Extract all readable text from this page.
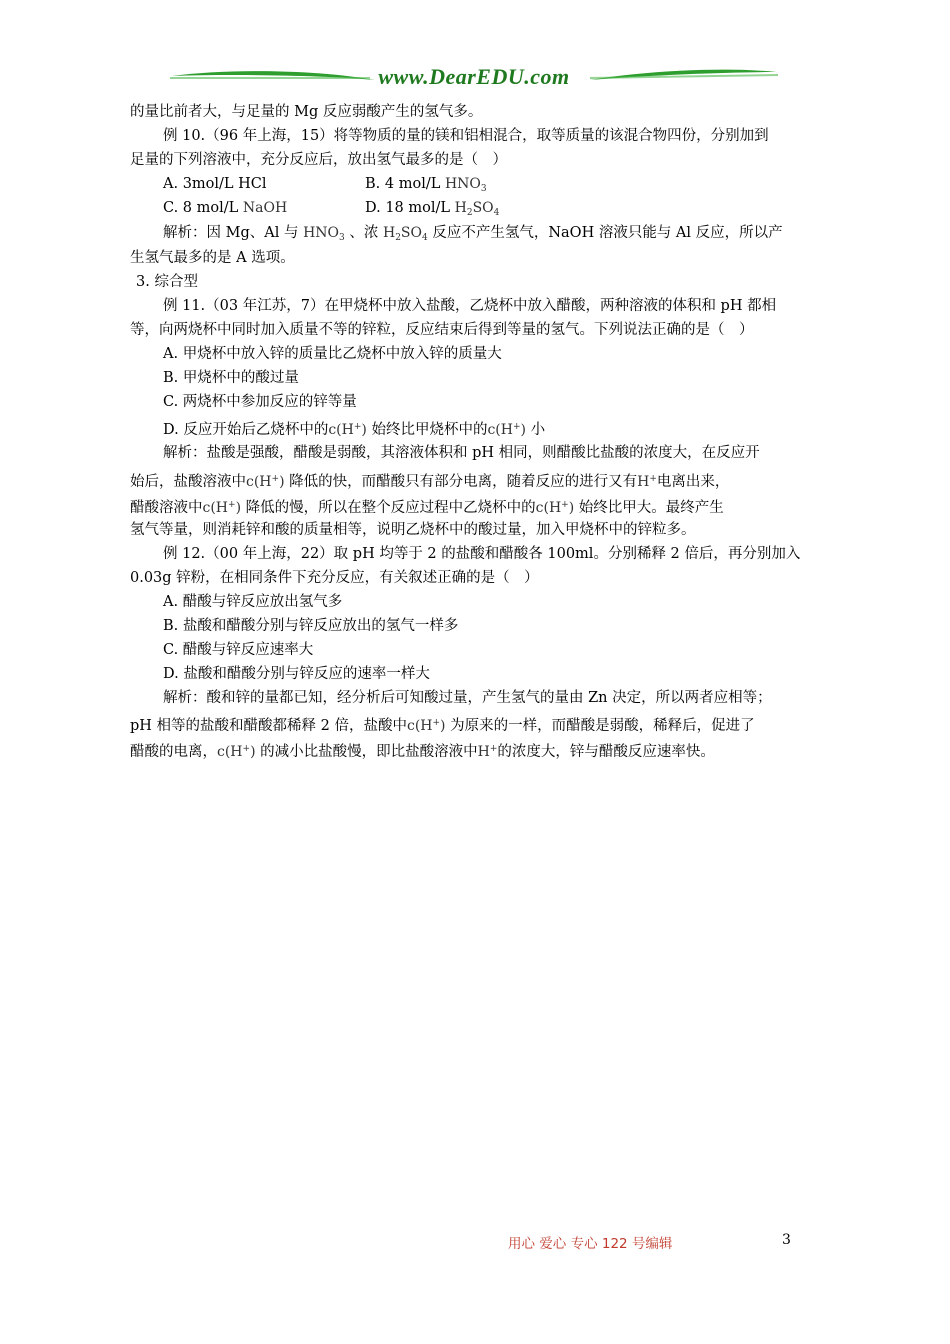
www.DearEDU.com
的量比前者大，与足量的 Mg 反应弱酸产生的氢气多。
例 10.（96 年上海，15）将等物质的量的镁和铝相混合，取等质量的该混合物四份，分别加到
足量的下列溶液中，充分反应后，放出氢气最多的是（　）
A. 3mol/L HCl	B. 4 mol/L $HNO_3$
C. 8 mol/L NaOH	D. 18 mol/L $H_2SO_4$
解析：因 Mg、Al 与 $HNO_3$ 、浓 $H_2SO_4$ 反应不产生氢气，NaOH 溶液只能与 Al 反应，所以产
生氢气最多的是 A 选项。
3. 综合型
例 11.（03 年江苏，7）在甲烧杯中放入盐酸，乙烧杯中放入醋酸，两种溶液的体积和 pH 都相
等，向两烧杯中同时加入质量不等的锌粒，反应结束后得到等量的氢气。下列说法正确的是（　）
A. 甲烧杯中放入锌的质量比乙烧杯中放入锌的质量大
B. 甲烧杯中的酸过量
C. 两烧杯中参加反应的锌等量
D. 反应开始后乙烧杯中的c(H+) 始终比甲烧杯中的c(H+) 小
解析：盐酸是强酸，醋酸是弱酸，其溶液体积和 pH 相同，则醋酸比盐酸的浓度大，在反应开
始后，盐酸溶液中c(H+) 降低的快，而醋酸只有部分电离，随着反应的进行又有H+电离出来，
醋酸溶液中c(H+) 降低的慢，所以在整个反应过程中乙烧杯中的c(H+) 始终比甲大。最终产生
氢气等量，则消耗锌和酸的质量相等，说明乙烧杯中的酸过量，加入甲烧杯中的锌粒多。
例 12.（00 年上海，22）取 pH 均等于 2 的盐酸和醋酸各 100ml。分别稀释 2 倍后，再分别加入
0.03g 锌粉，在相同条件下充分反应，有关叙述正确的是（　）
A. 醋酸与锌反应放出氢气多
B. 盐酸和醋酸分别与锌反应放出的氢气一样多
C. 醋酸与锌反应速率大
D. 盐酸和醋酸分别与锌反应的速率一样大
解析：酸和锌的量都已知，经分析后可知酸过量，产生氢气的量由 Zn 决定，所以两者应相等；
pH 相等的盐酸和醋酸都稀释 2 倍，盐酸中c(H+) 为原来的一样，而醋酸是弱酸，稀释后，促进了
醋酸的电离，c(H+) 的减小比盐酸慢，即比盐酸溶液中H+的浓度大，锌与醋酸反应速率快。
用心 爱心 专心 122 号编辑	3
